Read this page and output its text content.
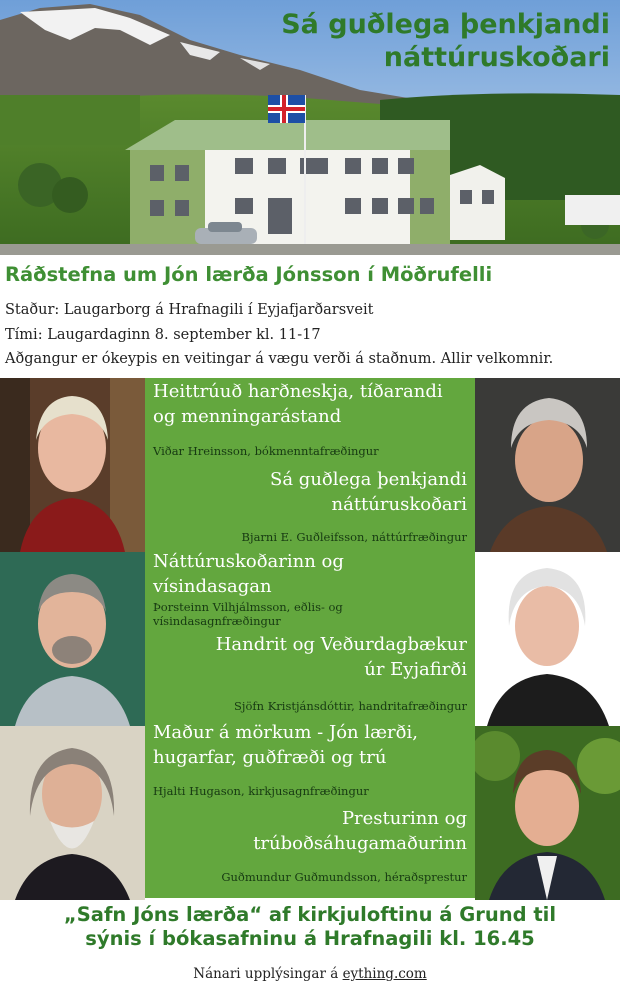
Sá guðlega þenkjandi
náttúruskoðari
Ráðstefna um Jón lærða Jónsson í Möðrufelli

Staður: Laugarborg á Hrafnagili í Eyjafjarðarsveit

Tími: Laugardaginn 8. september kl. 11-17

Aðgangur er ókeypis en veitingar á vægu verði á staðnum. Allir velkomnir.

Heittrúuð harðneskja, tíðarandi
og menningarástand

Viðar Hreinsson, bókmenntafræðingur

Sá guðlega þenkjandi
náttúruskoðari

Bjarni E. Guðleifsson, náttúrfræðingur

Náttúruskoðarinn og
vísindasagan

Þorsteinn Vilhjálmsson, eðlis- og
vísindasagnfræðingur

Handrit og Veðurdagbækur
úr Eyjafirði

Sjöfn Kristjánsdóttir, handritafræðingur

Maður á mörkum - Jón lærði,
hugarfar, guðfræði og trú

Hjalti Hugason, kirkjusagnfræðingur

Presturinn og
trúboðsáhugamaðurinn

Guðmundur Guðmundsson, héraðsprestur

„Safn Jóns lærða“ af kirkjuloftinu á Grund til
sýnis í bókasafninu á Hrafnagili kl. 16.45
Nánari upplýsingar á eything.com
